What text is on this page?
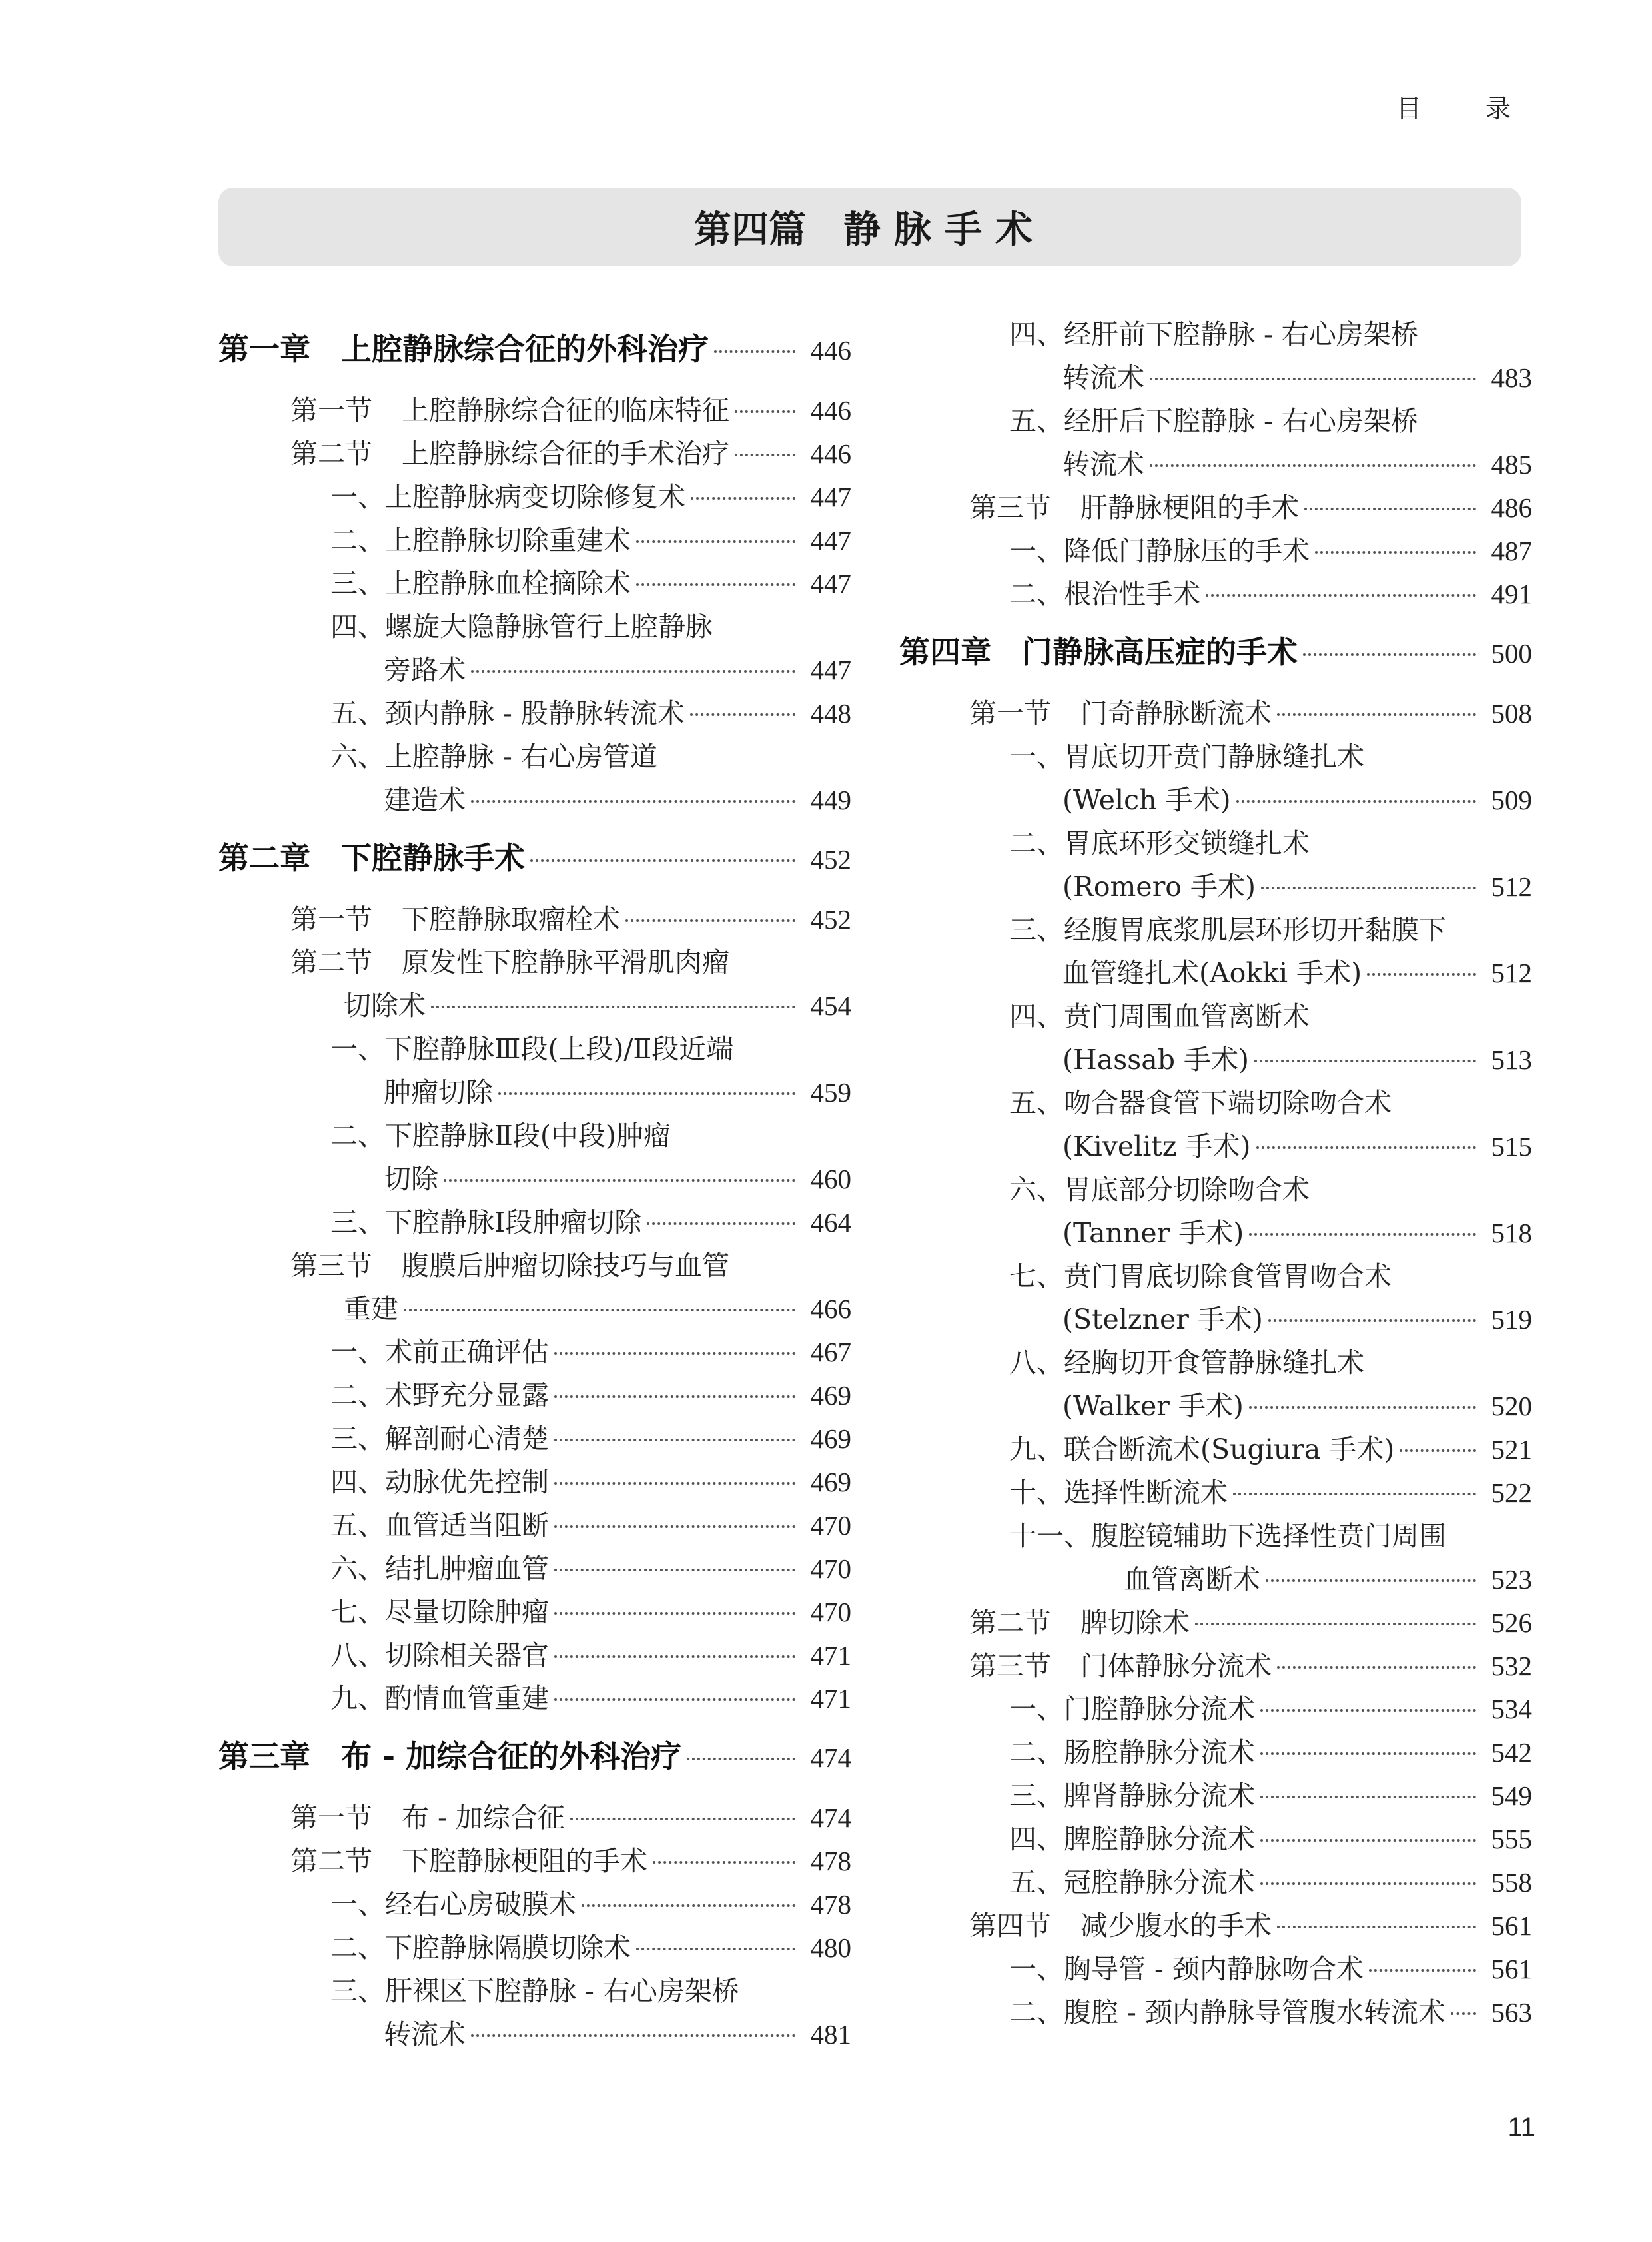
目 录
第四篇 静脉手术
第一章 上腔静脉综合征的外科治疗	446
第一节 上腔静脉综合征的临床特征	446
第二节 上腔静脉综合征的手术治疗	446
一、上腔静脉病变切除修复术	447
二、上腔静脉切除重建术	447
三、上腔静脉血栓摘除术	447
四、螺旋大隐静脉管行上腔静脉
旁路术	447
五、颈内静脉 - 股静脉转流术	448
六、上腔静脉 - 右心房管道
建造术	449
第二章 下腔静脉手术	452
第一节 下腔静脉取瘤栓术	452
第二节 原发性下腔静脉平滑肌肉瘤
切除术	454
一、下腔静脉Ⅲ段(上段)/Ⅱ段近端
肿瘤切除	459
二、下腔静脉Ⅱ段(中段)肿瘤
切除	460
三、下腔静脉Ⅰ段肿瘤切除	464
第三节 腹膜后肿瘤切除技巧与血管
重建	466
一、术前正确评估	467
二、术野充分显露	469
三、解剖耐心清楚	469
四、动脉优先控制	469
五、血管适当阻断	470
六、结扎肿瘤血管	470
七、尽量切除肿瘤	470
八、切除相关器官	471
九、酌情血管重建	471
第三章 布 - 加综合征的外科治疗	474
第一节 布 - 加综合征	474
第二节 下腔静脉梗阻的手术	478
一、经右心房破膜术	478
二、下腔静脉隔膜切除术	480
三、肝裸区下腔静脉 - 右心房架桥
转流术	481
四、经肝前下腔静脉 - 右心房架桥
转流术	483
五、经肝后下腔静脉 - 右心房架桥
转流术	485
第三节 肝静脉梗阻的手术	486
一、降低门静脉压的手术	487
二、根治性手术	491
第四章 门静脉高压症的手术	500
第一节 门奇静脉断流术	508
一、胃底切开贲门静脉缝扎术
(Welch 手术)	509
二、胃底环形交锁缝扎术
(Romero 手术)	512
三、经腹胃底浆肌层环形切开黏膜下
血管缝扎术(Aokki 手术)	512
四、贲门周围血管离断术
(Hassab 手术)	513
五、吻合器食管下端切除吻合术
(Kivelitz 手术)	515
六、胃底部分切除吻合术
(Tanner 手术)	518
七、贲门胃底切除食管胃吻合术
(Stelzner 手术)	519
八、经胸切开食管静脉缝扎术
(Walker 手术)	520
九、联合断流术(Sugiura 手术)	521
十、选择性断流术	522
十一、腹腔镜辅助下选择性贲门周围
血管离断术	523
第二节 脾切除术	526
第三节 门体静脉分流术	532
一、门腔静脉分流术	534
二、肠腔静脉分流术	542
三、脾肾静脉分流术	549
四、脾腔静脉分流术	555
五、冠腔静脉分流术	558
第四节 减少腹水的手术	561
一、胸导管 - 颈内静脉吻合术	561
二、腹腔 - 颈内静脉导管腹水转流术	563
11
